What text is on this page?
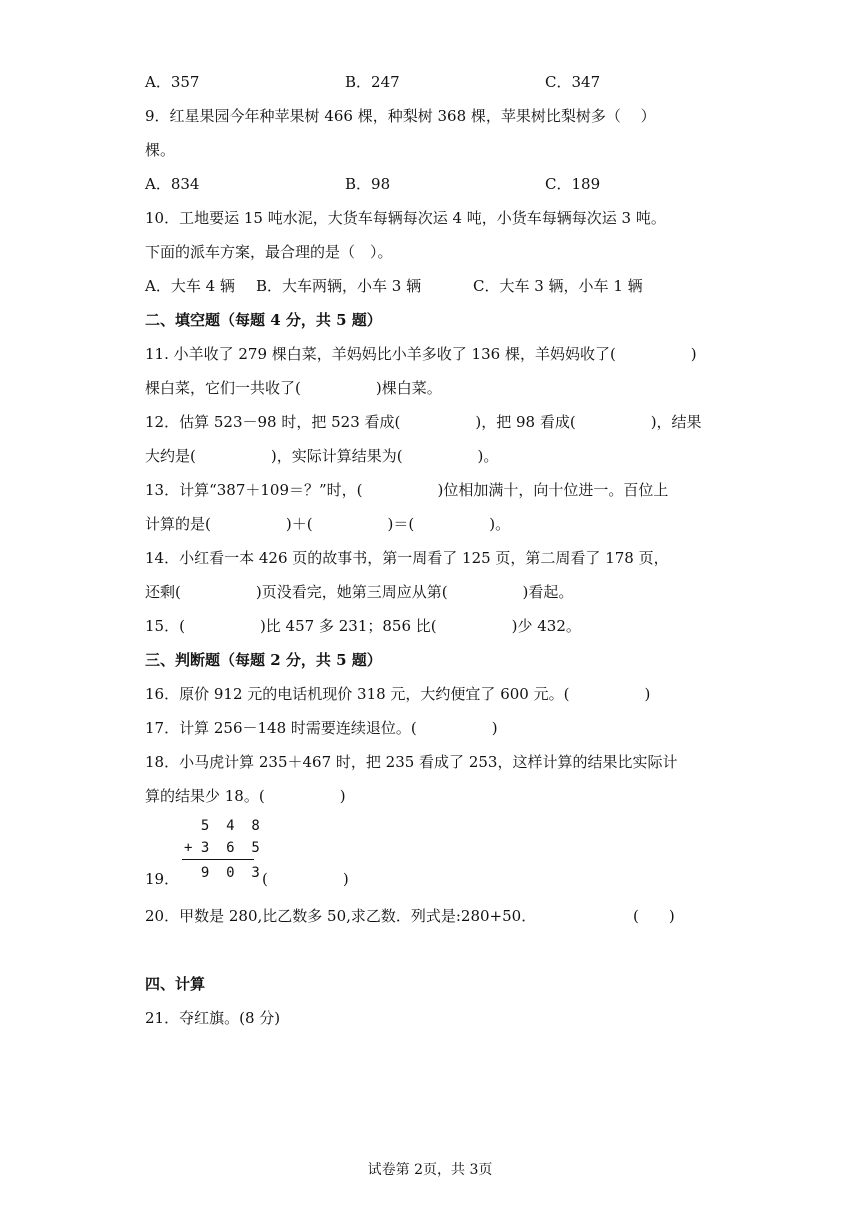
A．357	B．247	C．347
9．红星果园今年种苹果树 466 棵，种梨树 368 棵，苹果树比梨树多（　 ）
棵。
A．834	B．98	C．189
10．工地要运 15 吨水泥，大货车每辆每次运 4 吨，小货车每辆每次运 3 吨。
下面的派车方案，最合理的是（　）。
A．大车 4 辆 B．大车两辆，小车 3 辆	C．大车 3 辆，小车 1 辆
二、填空题（每题 4 分，共 5 题）
11. 小羊收了 279 棵白菜，羊妈妈比小羊多收了 136 棵，羊妈妈收了(　　　　　)
棵白菜，它们一共收了(　　　　　)棵白菜。
12．估算 523－98 时，把 523 看成(　　　　　)，把 98 看成(　　　　　)，结果
大约是(　　　　　)，实际计算结果为(　　　　　)。
13．计算“387＋109＝？”时，(　　　　　)位相加满十，向十位进一。百位上
计算的是(　　　　　)＋(　　　　　)＝(　　　　　)。
14．小红看一本 426 页的故事书，第一周看了 125 页，第二周看了 178 页，
还剩(　　　　　)页没看完，她第三周应从第(　　　　　)看起。
15．(　　　　　)比 457 多 231；856 比(　　　　　)少 432。
三、判断题（每题 2 分，共 5 题）
16．原价 912 元的电话机现价 318 元，大约便宜了 600 元。(　　　　　)
17．计算 256－148 时需要连续退位。(　　　　　)
18．小马虎计算 235＋467 时，把 235 看成了 253，这样计算的结果比实际计
算的结果少 18。(　　　　　)
5  4  8
+ 3  6  5
9  0  3
19．	(　　　　　)
20．甲数是 280,比乙数多 50,求乙数．列式是:280+50．	(　　)
四、计算
21．夺红旗。(8 分)
试卷第 2页，共 3页
